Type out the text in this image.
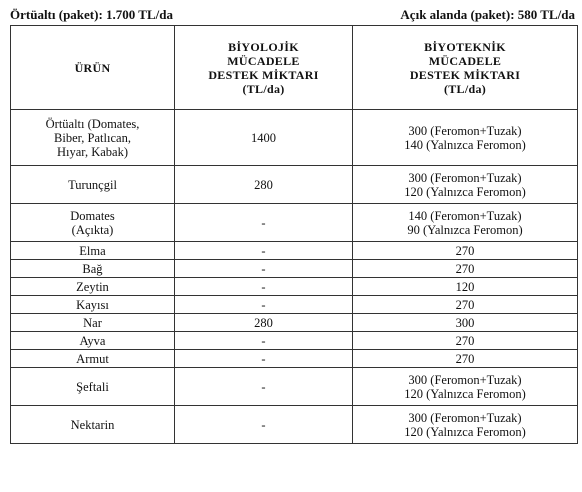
Örtüaltı (paket): 1.700 TL/da	Açık alanda (paket): 580 TL/da
ÜRÜN	BİYOLOJİK
MÜCADELE
DESTEK MİKTARI
(TL/da)	BİYOTEKNİK
MÜCADELE
DESTEK MİKTARI
(TL/da)

Örtüaltı (Domates,
Biber, Patlıcan,
Hıyar, Kabak)	1400	300 (Feromon+Tuzak)
140 (Yalnızca Feromon)

Turunçgil	280	300 (Feromon+Tuzak)
120 (Yalnızca Feromon)

Domates
(Açıkta)	-	140 (Feromon+Tuzak)
90 (Yalnızca Feromon)

Elma	-	270

Bağ	-	270

Zeytin	-	120

Kayısı	-	270

Nar	280	300

Ayva	-	270

Armut	-	270

Şeftali	-	300 (Feromon+Tuzak)
120 (Yalnızca Feromon)

Nektarin	-	300 (Feromon+Tuzak)
120 (Yalnızca Feromon)
